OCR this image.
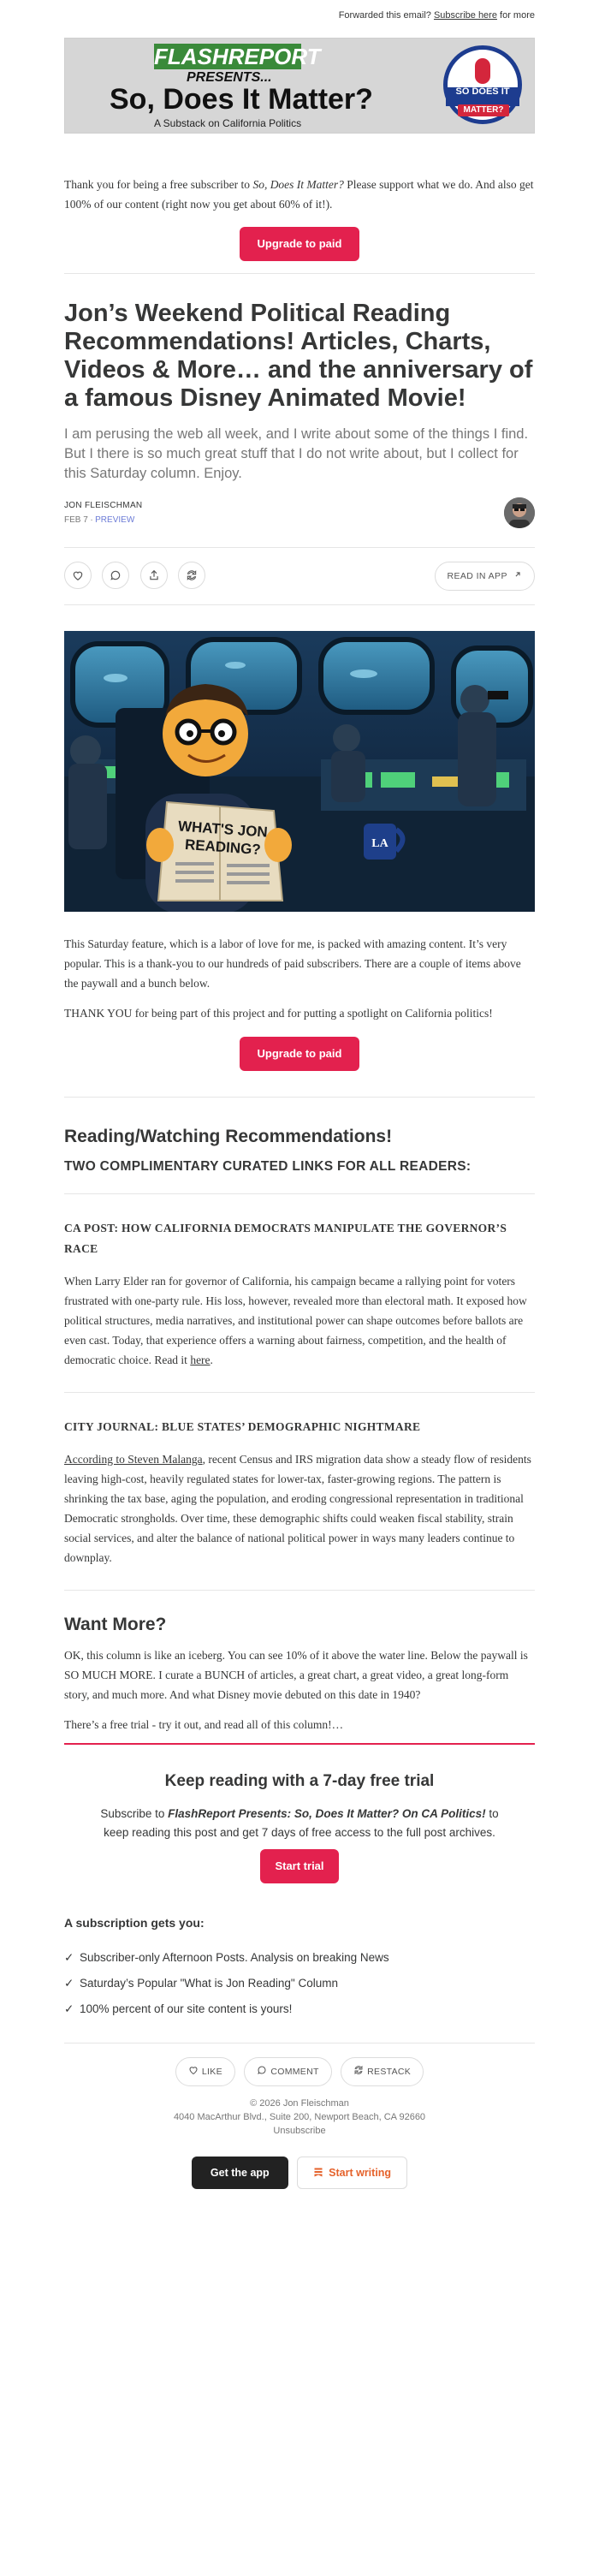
Forwarded this email? Subscribe here for more
FLASHREPORT
PRESENTS...
So, Does It Matter?
A Substack on California Politics
SO DOES IT
MATTER?

Thank you for being a free subscriber to So, Does It Matter? Please support what we do. And also get 100% of our content (right now you get about 60% of it!).

Upgrade to paid
Jon’s Weekend Political Reading Recommendations! Articles, Charts, Videos & More… and the anniversary of a famous Disney Animated Movie!

I am perusing the web all week, and I write about some of the things I find. But I there is so much great stuff that I do not write about, but I collect for this Saturday column. Enjoy.

JON FLEISCHMAN
FEB 7 ∙ PREVIEW

READ IN APP
WHAT'S JON
READING?	LA

This Saturday feature, which is a labor of love for me, is packed with amazing content. It’s very popular. This is a thank-you to our hundreds of paid subscribers. There are a couple of items above the paywall and a bunch below.

THANK YOU for being part of this project and for putting a spotlight on California politics!

Upgrade to paid
Reading/Watching Recommendations!
TWO COMPLIMENTARY CURATED LINKS FOR ALL READERS:
CA POST: HOW CALIFORNIA DEMOCRATS MANIPULATE THE GOVERNOR’S RACE

When Larry Elder ran for governor of California, his campaign became a rallying point for voters frustrated with one-party rule. His loss, however, revealed more than electoral math. It exposed how political structures, media narratives, and institutional power can shape outcomes before ballots are even cast. Today, that experience offers a warning about fairness, competition, and the health of democratic choice. Read it here.

CITY JOURNAL: BLUE STATES’ DEMOGRAPHIC NIGHTMARE

According to Steven Malanga, recent Census and IRS migration data show a steady flow of residents leaving high-cost, heavily regulated states for lower-tax, faster-growing regions. The pattern is shrinking the tax base, aging the population, and eroding congressional representation in traditional Democratic strongholds. Over time, these demographic shifts could weaken fiscal stability, strain social services, and alter the balance of national political power in ways many leaders continue to downplay.

Want More?

OK, this column is like an iceberg. You can see 10% of it above the water line. Below the paywall is SO MUCH MORE. I curate a BUNCH of articles, a great chart, a great video, a great long-form story, and much more. And what Disney movie debuted on this date in 1940?

There’s a free trial - try it out, and read all of this column!…

Keep reading with a 7-day free trial
Subscribe to FlashReport Presents: So, Does It Matter? On CA Politics! to keep reading this post and get 7 days of free access to the full post archives.
Start trial
A subscription gets you:
✓ Subscriber-only Afternoon Posts. Analysis on breaking News
✓ Saturday’s Popular "What is Jon Reading" Column
✓ 100% percent of our site content is yours!
LIKE	COMMENT	RESTACK
© 2026 Jon Fleischman
4040 MacArthur Blvd., Suite 200, Newport Beach, CA 92660
Unsubscribe
Get the app	Start writing
